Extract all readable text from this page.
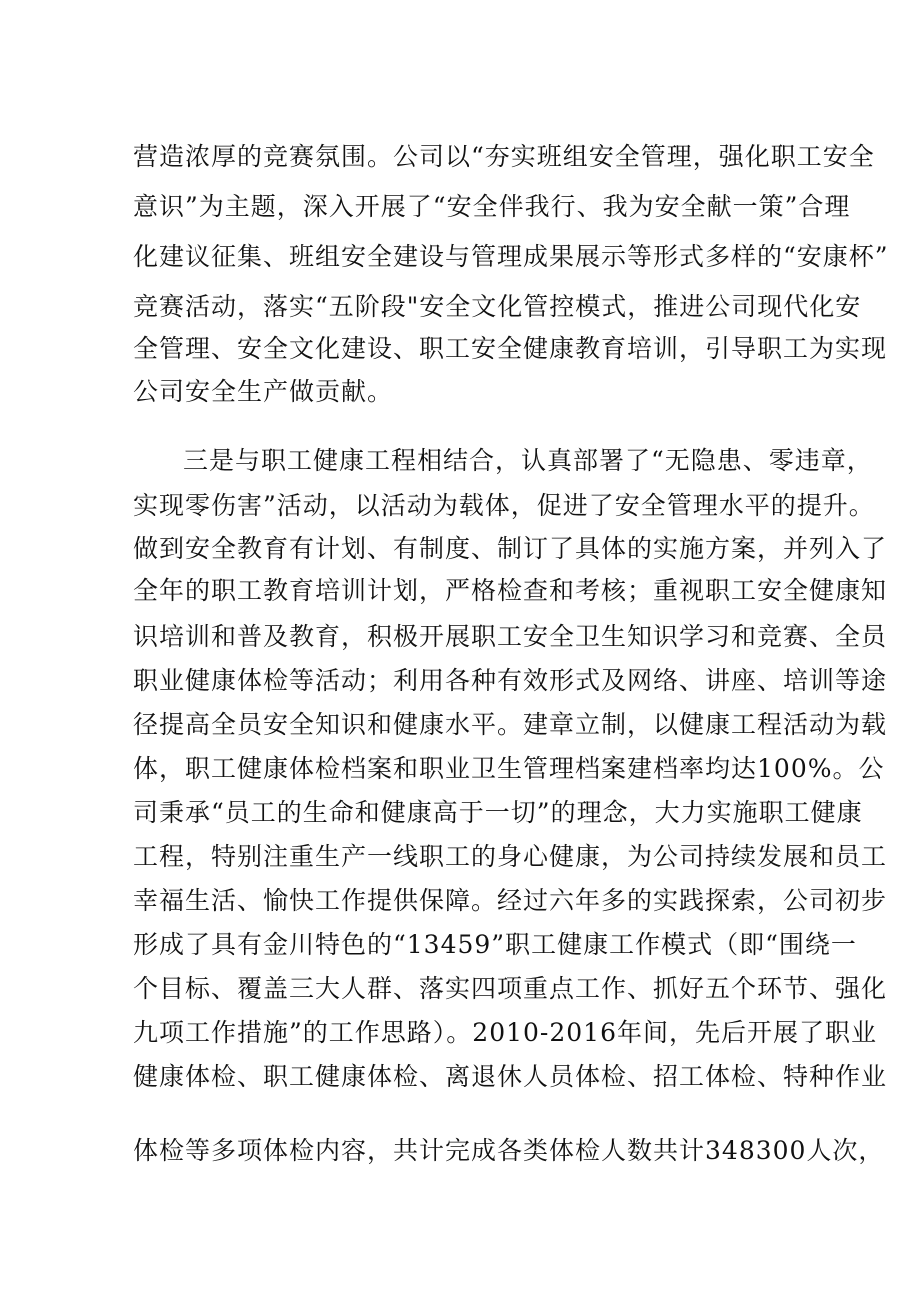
营造浓厚的竞赛氛围。公司以“夯实班组安全管理，强化职工安全
意识”为主题，深入开展了“安全伴我行、我为安全献一策”合理
化建议征集、班组安全建设与管理成果展示等形式多样的“安康杯”
竞赛活动，落实“五阶段"安全文化管控模式，推进公司现代化安
全管理、安全文化建设、职工安全健康教育培训，引导职工为实现
公司安全生产做贡献。
三是与职工健康工程相结合，认真部署了“无隐患、零违章，
实现零伤害”活动，以活动为载体，促进了安全管理水平的提升。
做到安全教育有计划、有制度、制订了具体的实施方案，并列入了
全年的职工教育培训计划，严格检查和考核；重视职工安全健康知
识培训和普及教育，积极开展职工安全卫生知识学习和竞赛、全员
职业健康体检等活动；利用各种有效形式及网络、讲座、培训等途
径提高全员安全知识和健康水平。建章立制，以健康工程活动为载
体，职工健康体检档案和职业卫生管理档案建档率均达100%。公
司秉承“员工的生命和健康高于一切”的理念，大力实施职工健康
工程，特别注重生产一线职工的身心健康，为公司持续发展和员工
幸福生活、愉快工作提供保障。经过六年多的实践探索，公司初步
形成了具有金川特色的“13459”职工健康工作模式（即“围绕一
个目标、覆盖三大人群、落实四项重点工作、抓好五个环节、强化
九项工作措施”的工作思路）。2010-2016年间，先后开展了职业
健康体检、职工健康体检、离退休人员体检、招工体检、特种作业
体检等多项体检内容，共计完成各类体检人数共计348300人次，
